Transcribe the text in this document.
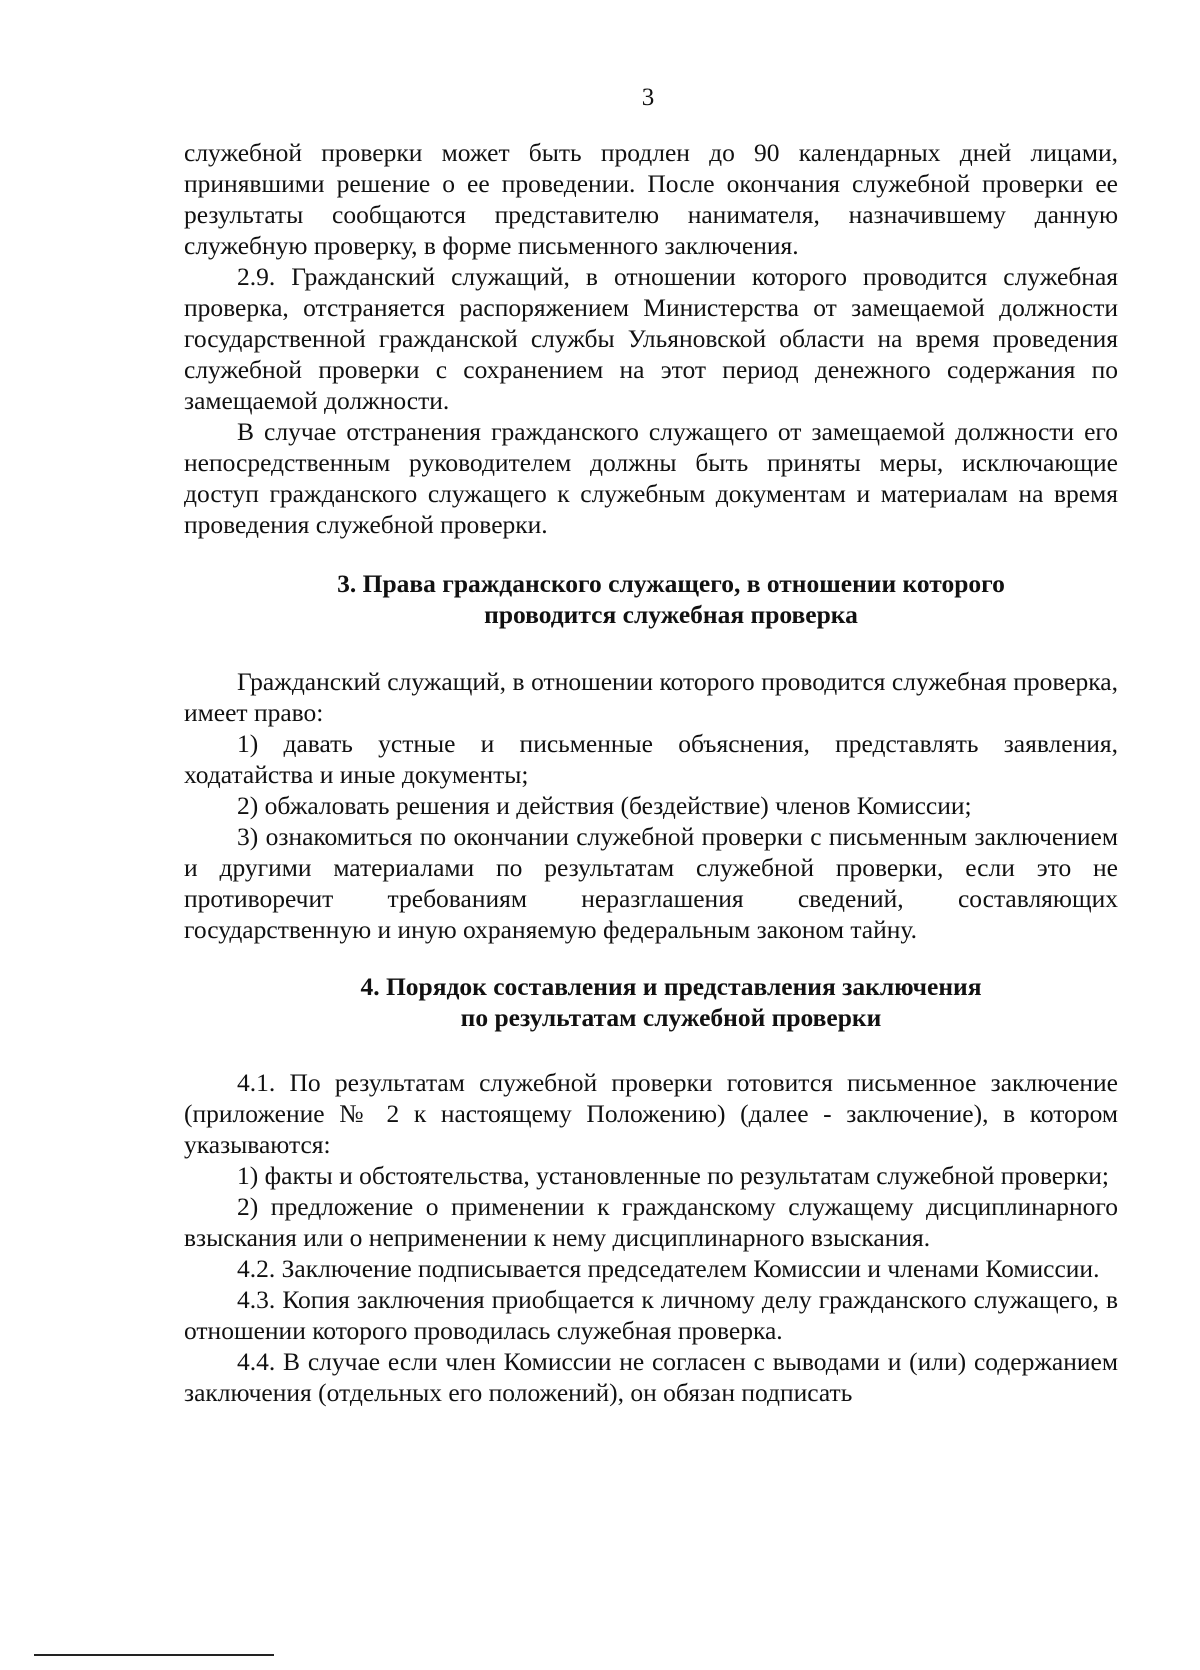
3

служебной проверки может быть продлен до 90 календарных дней лицами, принявшими решение о ее проведении. После окончания служебной проверки ее результаты сообщаются представителю нанимателя, назначившему данную служебную проверку, в форме письменного заключения.

2.9. Гражданский служащий, в отношении которого проводится служебная проверка, отстраняется распоряжением Министерства от замещаемой должности государственной гражданской службы Ульяновской области на время проведения служебной проверки с сохранением на этот период денежного содержания по замещаемой должности.

В случае отстранения гражданского служащего от замещаемой должности его непосредственным руководителем должны быть приняты меры, исключающие доступ гражданского служащего к служебным документам и материалам на время проведения служебной проверки.

3. Права гражданского служащего, в отношении которого
проводится служебная проверка

Гражданский служащий, в отношении которого проводится служебная проверка, имеет право:

1) давать устные и письменные объяснения, представлять заявления, ходатайства и иные документы;

2) обжаловать решения и действия (бездействие) членов Комиссии;

3) ознакомиться по окончании служебной проверки с письменным заключением и другими материалами по результатам служебной проверки, если это не противоречит требованиям неразглашения сведений, составляющих государственную и иную охраняемую федеральным законом тайну.

4. Порядок составления и представления заключения
по результатам служебной проверки

4.1. По результатам служебной проверки готовится письменное заключение (приложение № 2 к настоящему Положению) (далее - заключение), в котором указываются:

1) факты и обстоятельства, установленные по результатам служебной проверки;

2) предложение о применении к гражданскому служащему дисциплинарного взыскания или о неприменении к нему дисциплинарного взыскания.

4.2. Заключение подписывается председателем Комиссии и членами Комиссии.

4.3. Копия заключения приобщается к личному делу гражданского служащего, в отношении которого проводилась служебная проверка.

4.4. В случае если член Комиссии не согласен с выводами и (или) содержанием заключения (отдельных его положений), он обязан подписать
